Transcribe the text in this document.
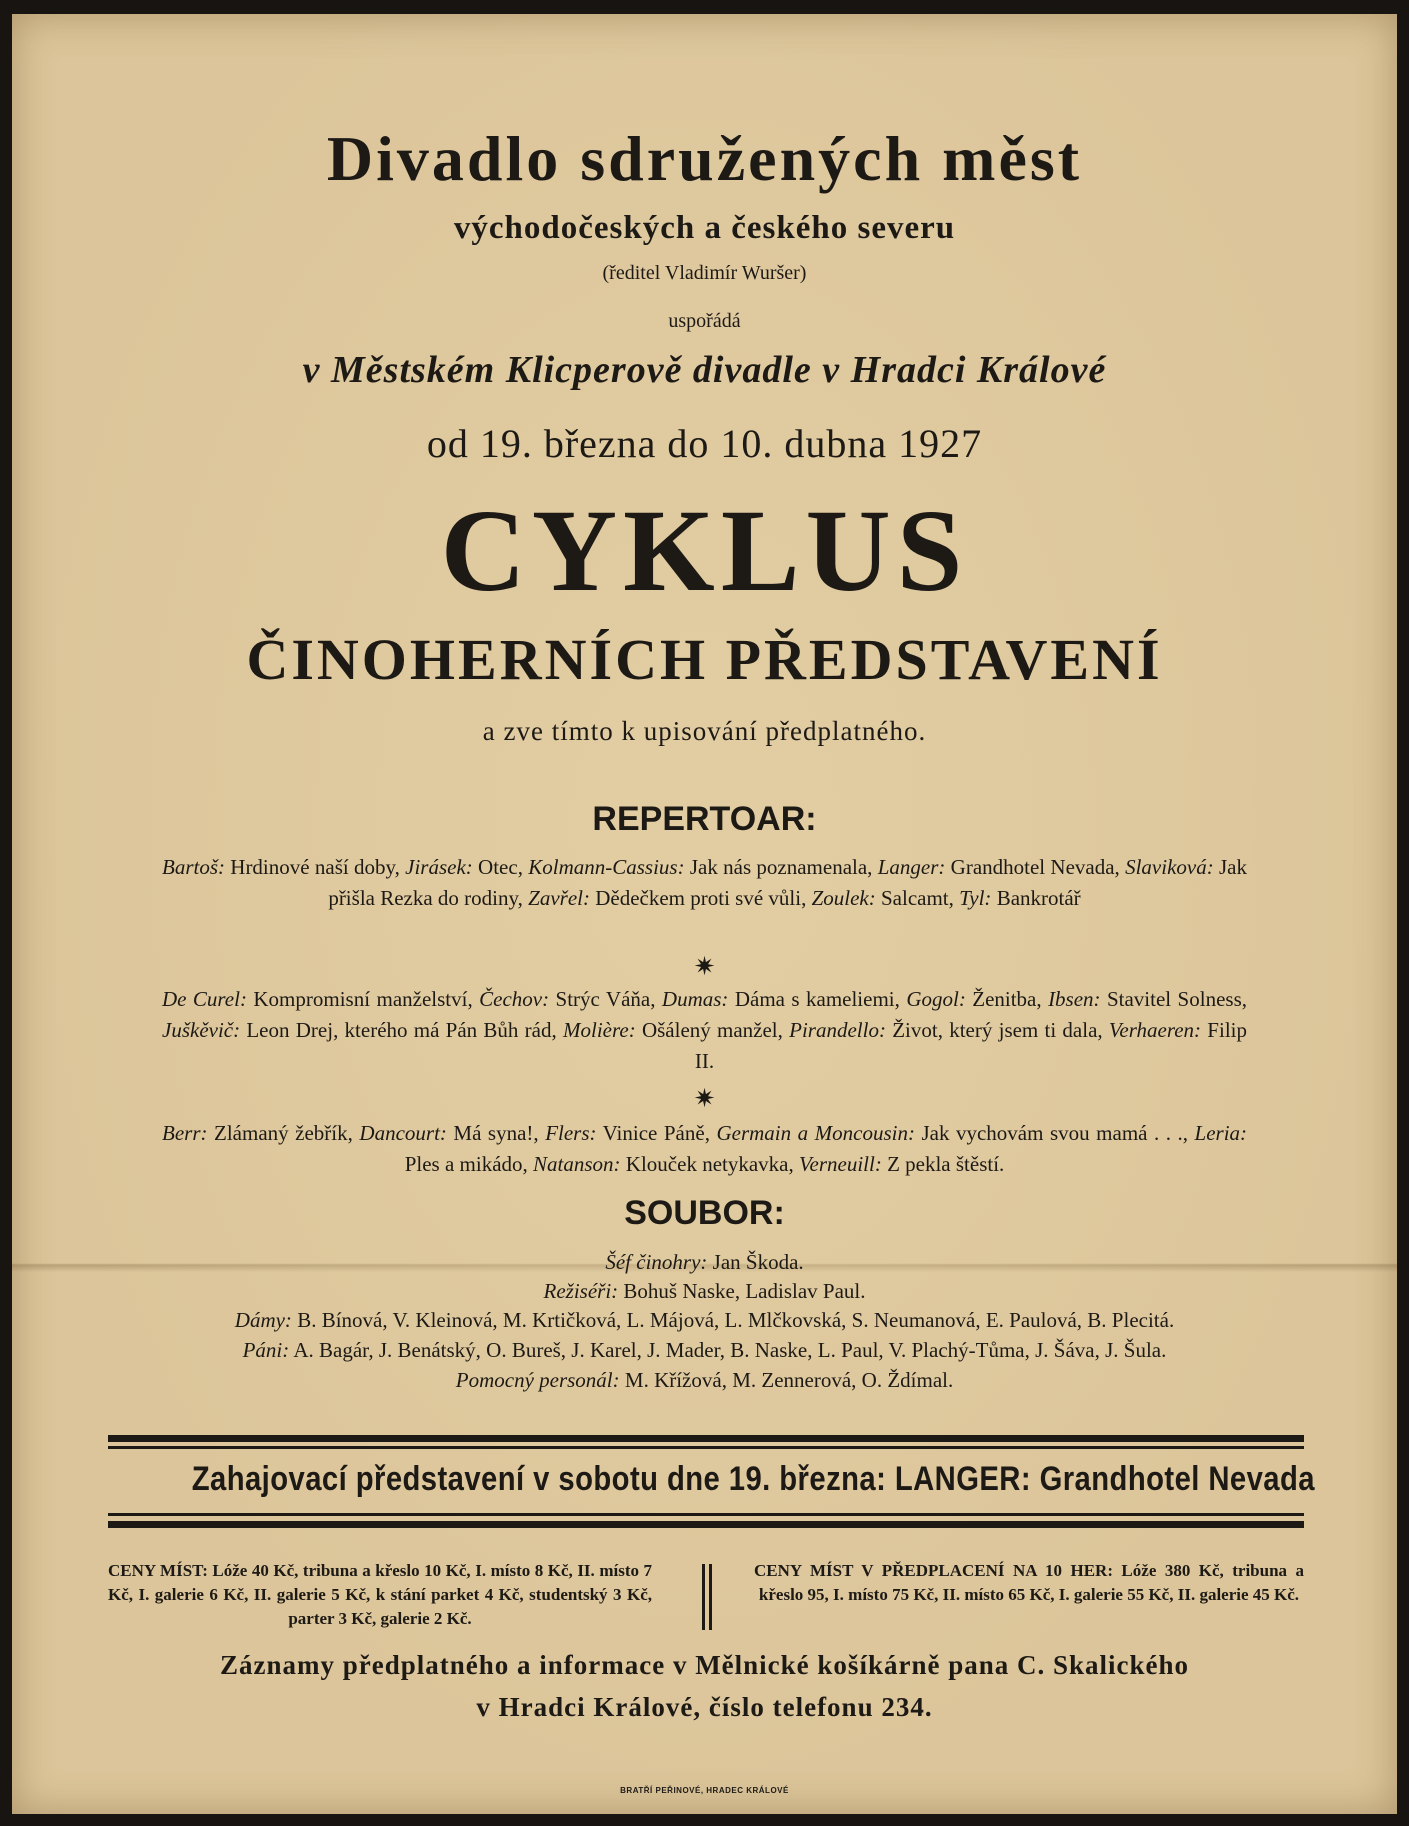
Divadlo sdružených měst
východočeských a českého severu
(ředitel Vladimír Wuršer)
uspořádá
v Městském Klicperově divadle v Hradci Králové
od 19. března do 10. dubna 1927
CYKLUS
ČINOHERNÍCH PŘEDSTAVENÍ
a zve tímto k upisování předplatného.
REPERTOAR:
Bartoš: Hrdinové naší doby, Jirásek: Otec, Kolmann-Cassius: Jak nás poznamenala, Langer: Grandhotel Nevada, Slaviková: Jak přišla Rezka do rodiny, Zavřel: Dědečkem proti své vůli, Zoulek: Salcamt, Tyl: Bankrotář
✷
De Curel: Kompromisní manželství, Čechov: Strýc Váňa, Dumas: Dáma s kameliemi, Gogol: Ženitba, Ibsen: Stavitel Solness, Juškěvič: Leon Drej, kterého má Pán Bůh rád, Molière: Ošálený manžel, Pirandello: Život, který jsem ti dala, Verhaeren: Filip II.
✷
Berr: Zlámaný žebřík, Dancourt: Má syna!, Flers: Vinice Páně, Germain a Moncousin: Jak vychovám svou mamá . . ., Leria: Ples a mikádo, Natanson: Klouček netykavka, Verneuill: Z pekla štěstí.
SOUBOR:
Šéf činohry: Jan Škoda.
Režiséři: Bohuš Naske, Ladislav Paul.
Dámy: B. Bínová, V. Kleinová, M. Krtičková, L. Májová, L. Mlčkovská, S. Neumanová, E. Paulová, B. Plecitá.
Páni: A. Bagár, J. Benátský, O. Bureš, J. Karel, J. Mader, B. Naske, L. Paul, V. Plachý-Tůma, J. Šáva, J. Šula.
Pomocný personál: M. Křížová, M. Zennerová, O. Ždímal.
Zahajovací představení v sobotu dne 19. března: LANGER: Grandhotel Nevada
CENY MÍST: Lóže 40 Kč, tribuna a křeslo 10 Kč, I. místo 8 Kč, II. místo 7 Kč, I. galerie 6 Kč, II. galerie 5 Kč, k stání parket 4 Kč, studentský 3 Kč, parter 3 Kč, galerie 2 Kč.
CENY MÍST V PŘEDPLACENÍ NA 10 HER: Lóže 380 Kč, tribuna a křeslo 95, I. místo 75 Kč, II. místo 65 Kč, I. galerie 55 Kč, II. galerie 45 Kč.
Záznamy předplatného a informace v Mělnické košíkárně pana C. Skalického
v Hradci Králové, číslo telefonu 234.
BRATŘÍ PEŘINOVÉ, HRADEC KRÁLOVÉ
